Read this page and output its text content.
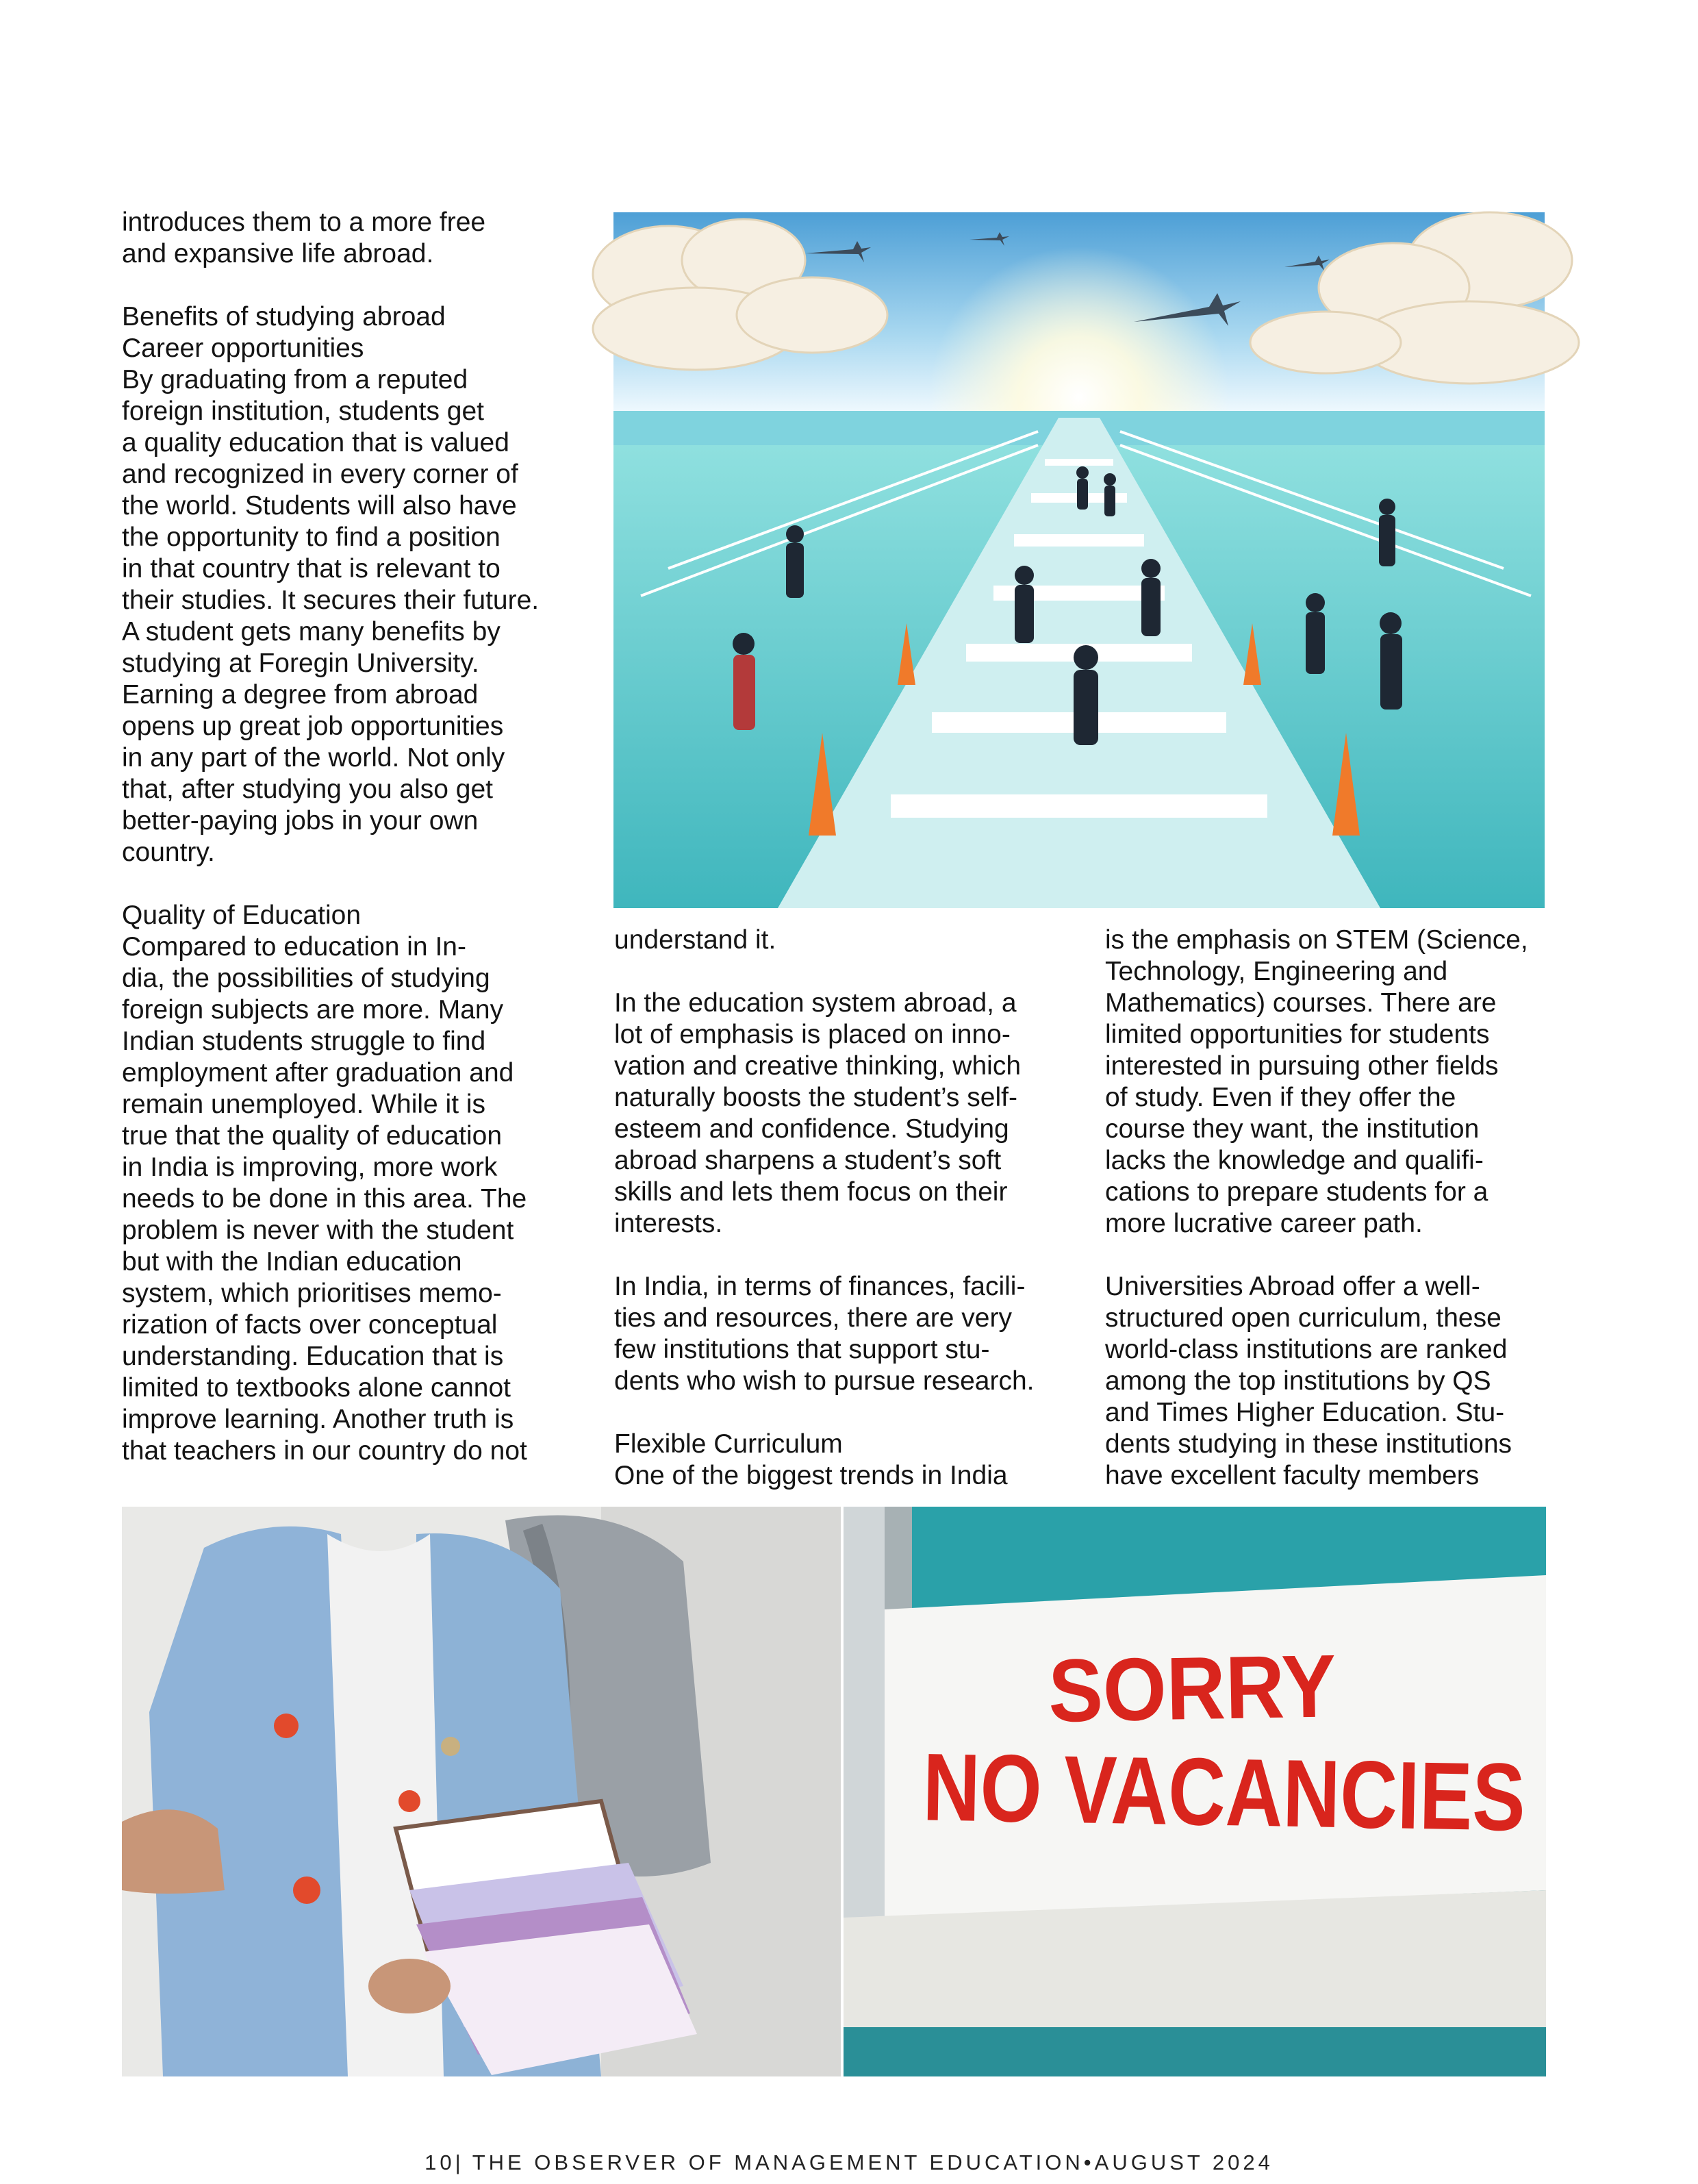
introduces them to a more free
and expansive life abroad.

Benefits of studying abroad
Career opportunities
By graduating from a reputed
foreign institution, students get
a quality education that is valued
and recognized in every corner of
the world. Students will also have
the opportunity to find a position
in that country that is relevant to
their studies. It secures their future.
A student gets many benefits by
studying at Foregin University.
Earning a degree from abroad
opens up great job opportunities
in any part of the world. Not only
that, after studying you also get
better-paying jobs in your own
country.

Quality of Education
Compared to education in In-
dia, the possibilities of studying
foreign subjects are more. Many
Indian students struggle to find
employment after graduation and
remain unemployed. While it is
true that the quality of education
in India is improving, more work
needs to be done in this area. The
problem is never with the student
but with the Indian education
system, which prioritises memo-
rization of facts over conceptual
understanding. Education that is
limited to textbooks alone cannot
improve learning. Another truth is
that teachers in our country do not

understand it.

In the education system abroad, a
lot of emphasis is placed on inno-
vation and creative thinking, which
naturally boosts the student’s self-
esteem and confidence. Studying
abroad sharpens a student’s soft
skills and lets them focus on their
interests.

In India, in terms of finances, facili-
ties and resources, there are very
few institutions that support stu-
dents who wish to pursue research.

Flexible Curriculum
One of the biggest trends in India

is the emphasis on STEM (Science,
Technology, Engineering and
Mathematics) courses. There are
limited opportunities for students
interested in pursuing other fields
of study. Even if they offer the
course they want, the institution
lacks the knowledge and qualifi-
cations to prepare students for a
more lucrative career path.

Universities Abroad offer a well-
structured open curriculum, these
world-class institutions are ranked
among the top institutions by QS
and Times Higher Education. Stu-
dents studying in these institutions
have excellent faculty members

SORRY
NO VACANCIES
10| THE OBSERVER OF MANAGEMENT EDUCATION•AUGUST 2024
